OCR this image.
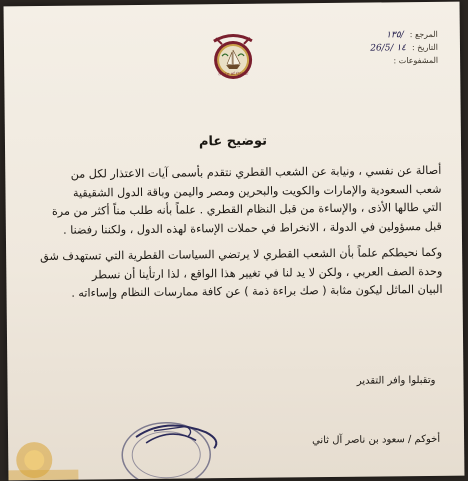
State of Qatar
المرجع :
١٣٥/
التاريخ :
26/5/ ١٤
المشفوعات :
توضيح عام

أصالة عن نفسي ، ونيابة عن الشعب القطري نتقدم بأسمى آيات الاعتذار لكل من

شعب السعودية والإمارات والكويت والبحرين ومصر واليمن وباقة الدول الشقيقية

التي طالها الأذى ، والإساءة من قبل النظام القطري . علماً بأنه طلب مناً أكثر من مرة

قبل مسؤولين في الدولة ، الانخراط في حملات الإساءة لهذه الدول ، ولكننا رفضنا .

وكما نحيطكم علماً بأن الشعب القطري لا يرتضي السياسات القطرية التي تستهدف شق

وحدة الصف العربي ، ولكن لا يد لنا في تغيير هذا الواقع ، لذا ارتأينا أن نسطر

البيان الماثل ليكون مثابة ( صك براءة ذمة ) عن كافة ممارسات النظام وإساءاته .

وتقبلوا وافر التقدير
أخوكم / سعود بن ناصر آل ثاني
